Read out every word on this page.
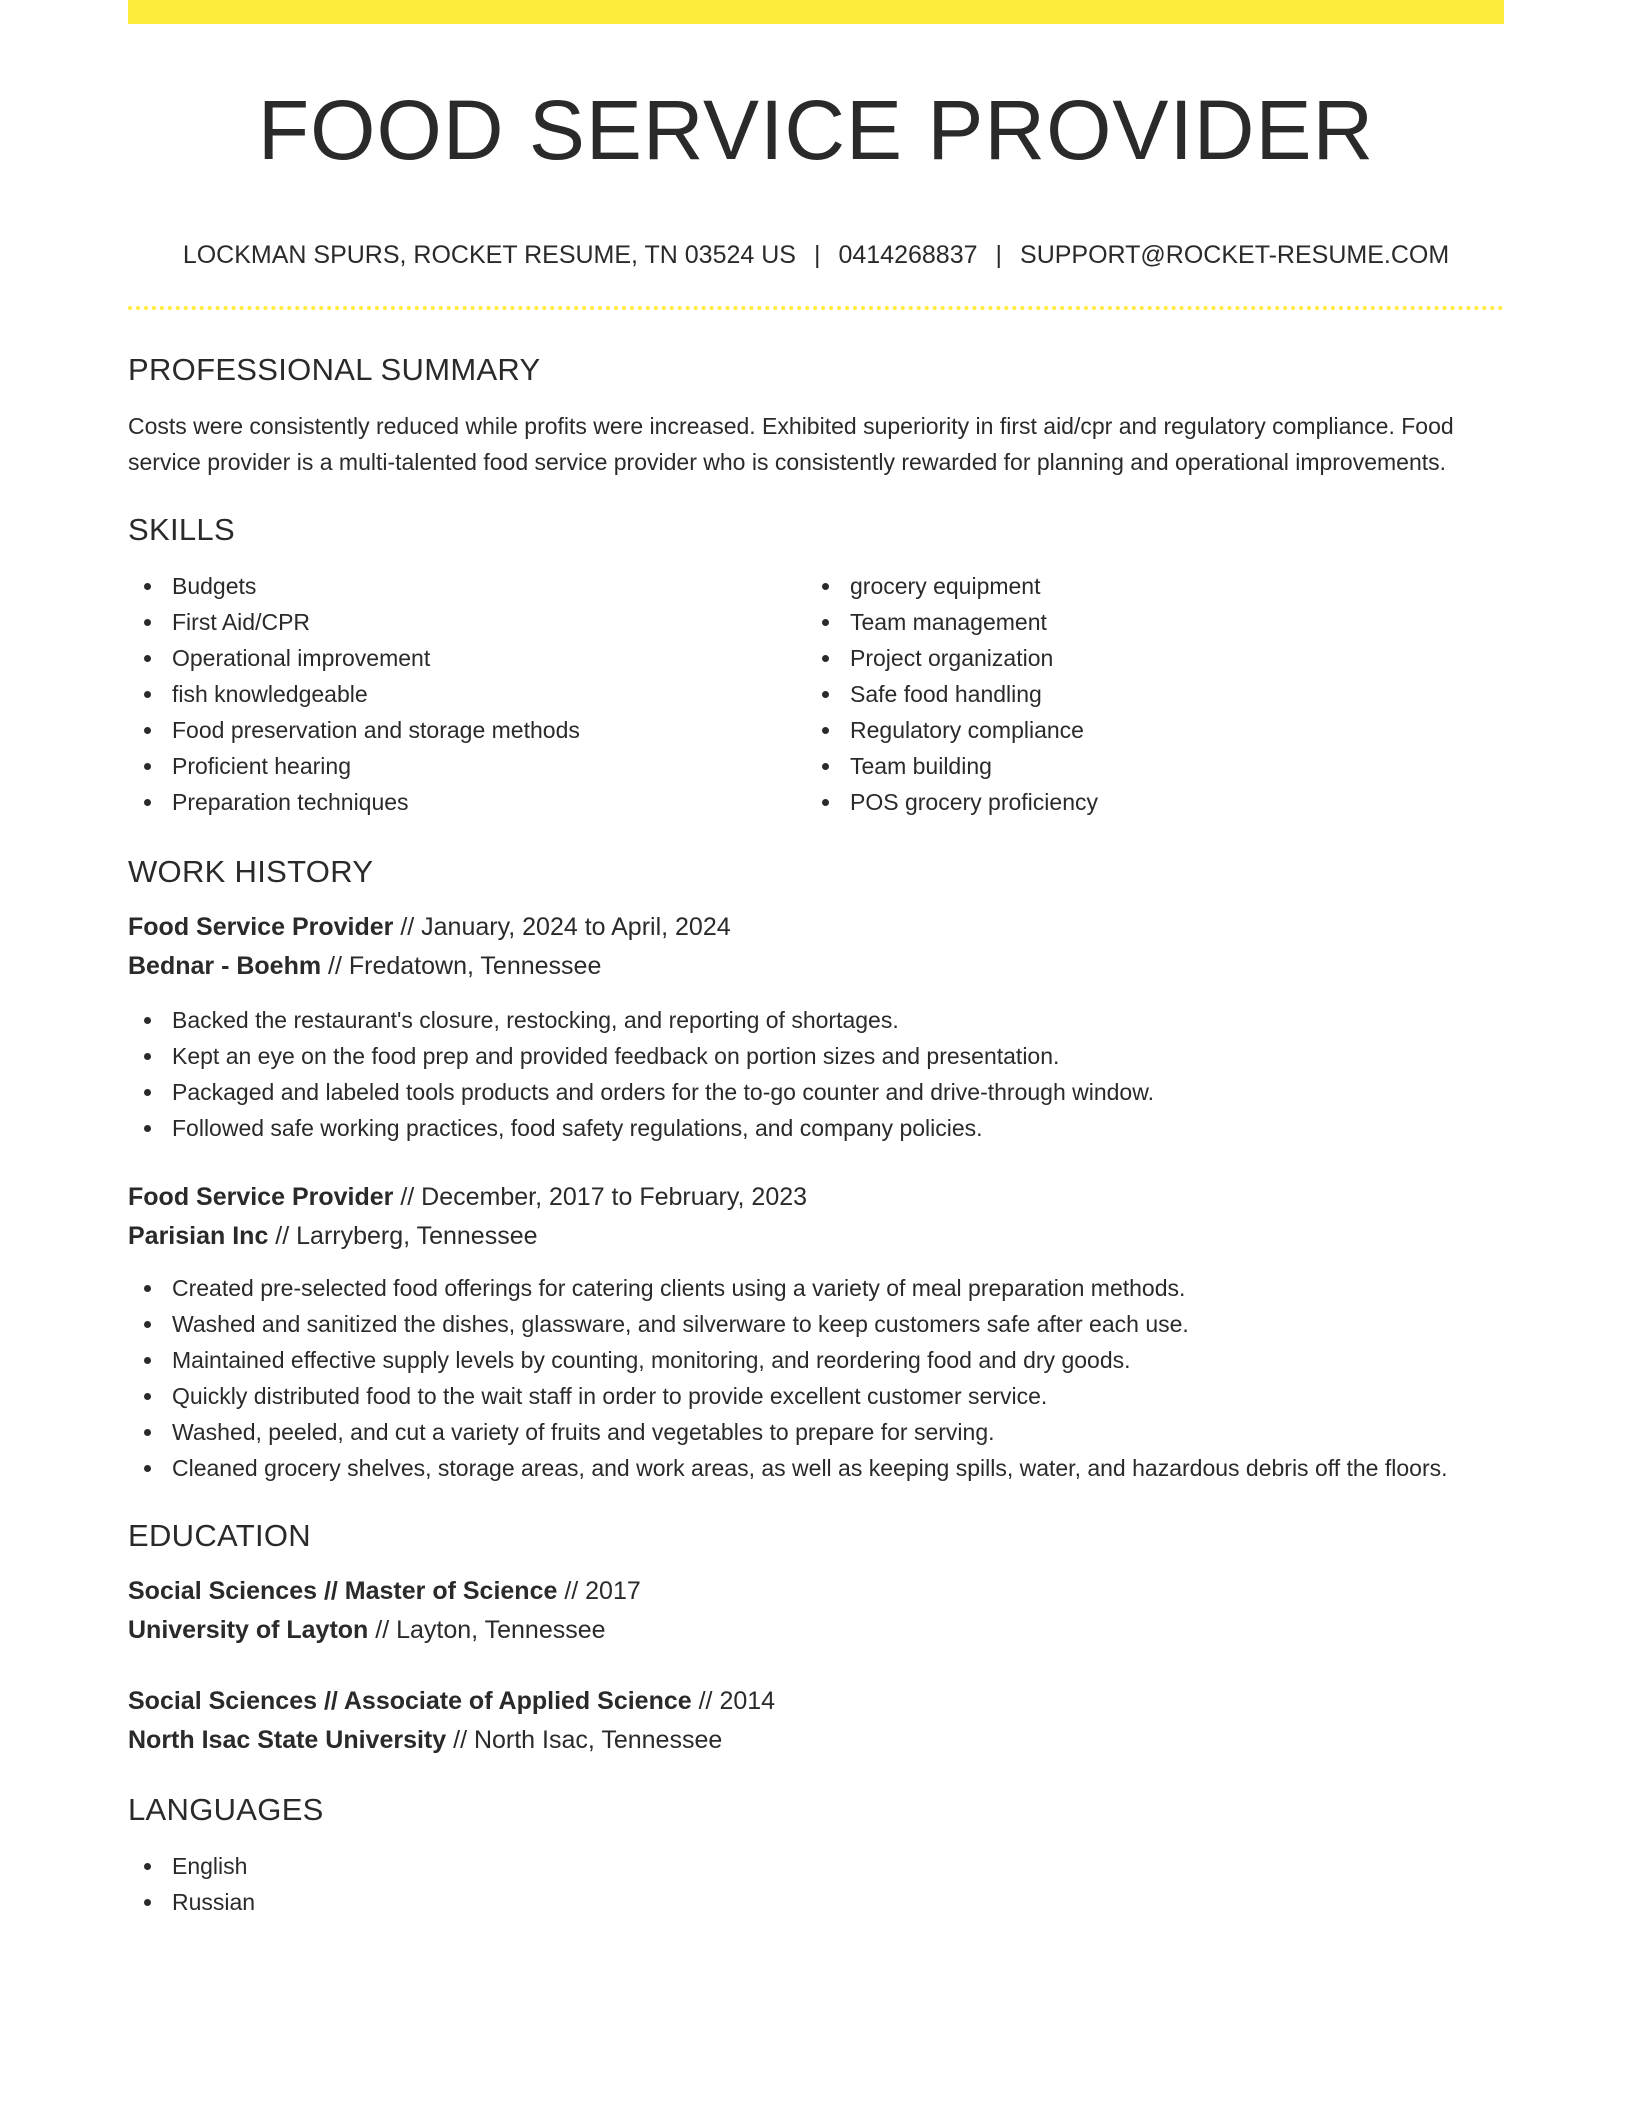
FOOD SERVICE PROVIDER
LOCKMAN SPURS, ROCKET RESUME, TN 03524 US | 0414268837 | SUPPORT@ROCKET-RESUME.COM
PROFESSIONAL SUMMARY

Costs were consistently reduced while profits were increased. Exhibited superiority in first aid/cpr and regulatory compliance. Food service provider is a multi-talented food service provider who is consistently rewarded for planning and operational improvements.

SKILLS
Budgets
First Aid/CPR
Operational improvement
fish knowledgeable
Food preservation and storage methods
Proficient hearing
Preparation techniques
grocery equipment
Team management
Project organization
Safe food handling
Regulatory compliance
Team building
POS grocery proficiency
WORK HISTORY
Food Service Provider // January, 2024 to April, 2024
Bednar - Boehm // Fredatown, Tennessee
Backed the restaurant's closure, restocking, and reporting of shortages.
Kept an eye on the food prep and provided feedback on portion sizes and presentation.
Packaged and labeled tools products and orders for the to-go counter and drive-through window.
Followed safe working practices, food safety regulations, and company policies.
Food Service Provider // December, 2017 to February, 2023
Parisian Inc // Larryberg, Tennessee
Created pre-selected food offerings for catering clients using a variety of meal preparation methods.
Washed and sanitized the dishes, glassware, and silverware to keep customers safe after each use.
Maintained effective supply levels by counting, monitoring, and reordering food and dry goods.
Quickly distributed food to the wait staff in order to provide excellent customer service.
Washed, peeled, and cut a variety of fruits and vegetables to prepare for serving.
Cleaned grocery shelves, storage areas, and work areas, as well as keeping spills, water, and hazardous debris off the floors.
EDUCATION
Social Sciences // Master of Science // 2017
University of Layton // Layton, Tennessee
Social Sciences // Associate of Applied Science // 2014
North Isac State University // North Isac, Tennessee
LANGUAGES
English
Russian
